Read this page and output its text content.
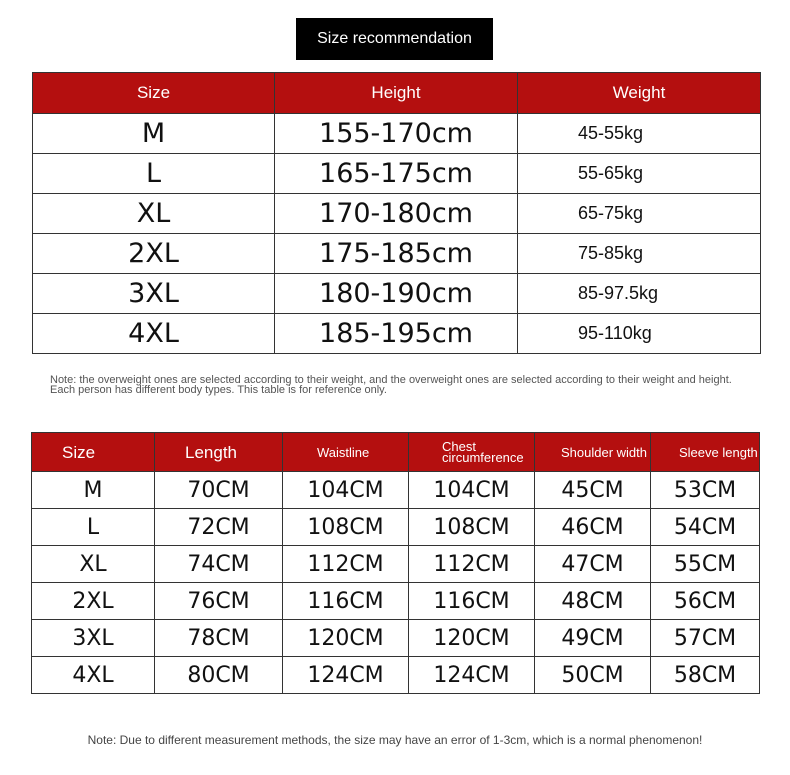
Size recommendation
Size	Height	Weight
M	155-170cm	45-55kg
L	165-175cm	55-65kg
XL	170-180cm	65-75kg
2XL	175-185cm	75-85kg
3XL	180-190cm	85-97.5kg
4XL	185-195cm	95-110kg
Note: the overweight ones are selected according to their weight, and the overweight ones are selected according to their weight and height. Each person has different body types. This table is for reference only.
Size	Length	Waistline	Chest circumference	Shoulder width	Sleeve length
M	70CM	104CM	104CM	45CM	53CM
L	72CM	108CM	108CM	46CM	54CM
XL	74CM	112CM	112CM	47CM	55CM
2XL	76CM	116CM	116CM	48CM	56CM
3XL	78CM	120CM	120CM	49CM	57CM
4XL	80CM	124CM	124CM	50CM	58CM
Note: Due to different measurement methods, the size may have an error of 1-3cm, which is a normal phenomenon!
